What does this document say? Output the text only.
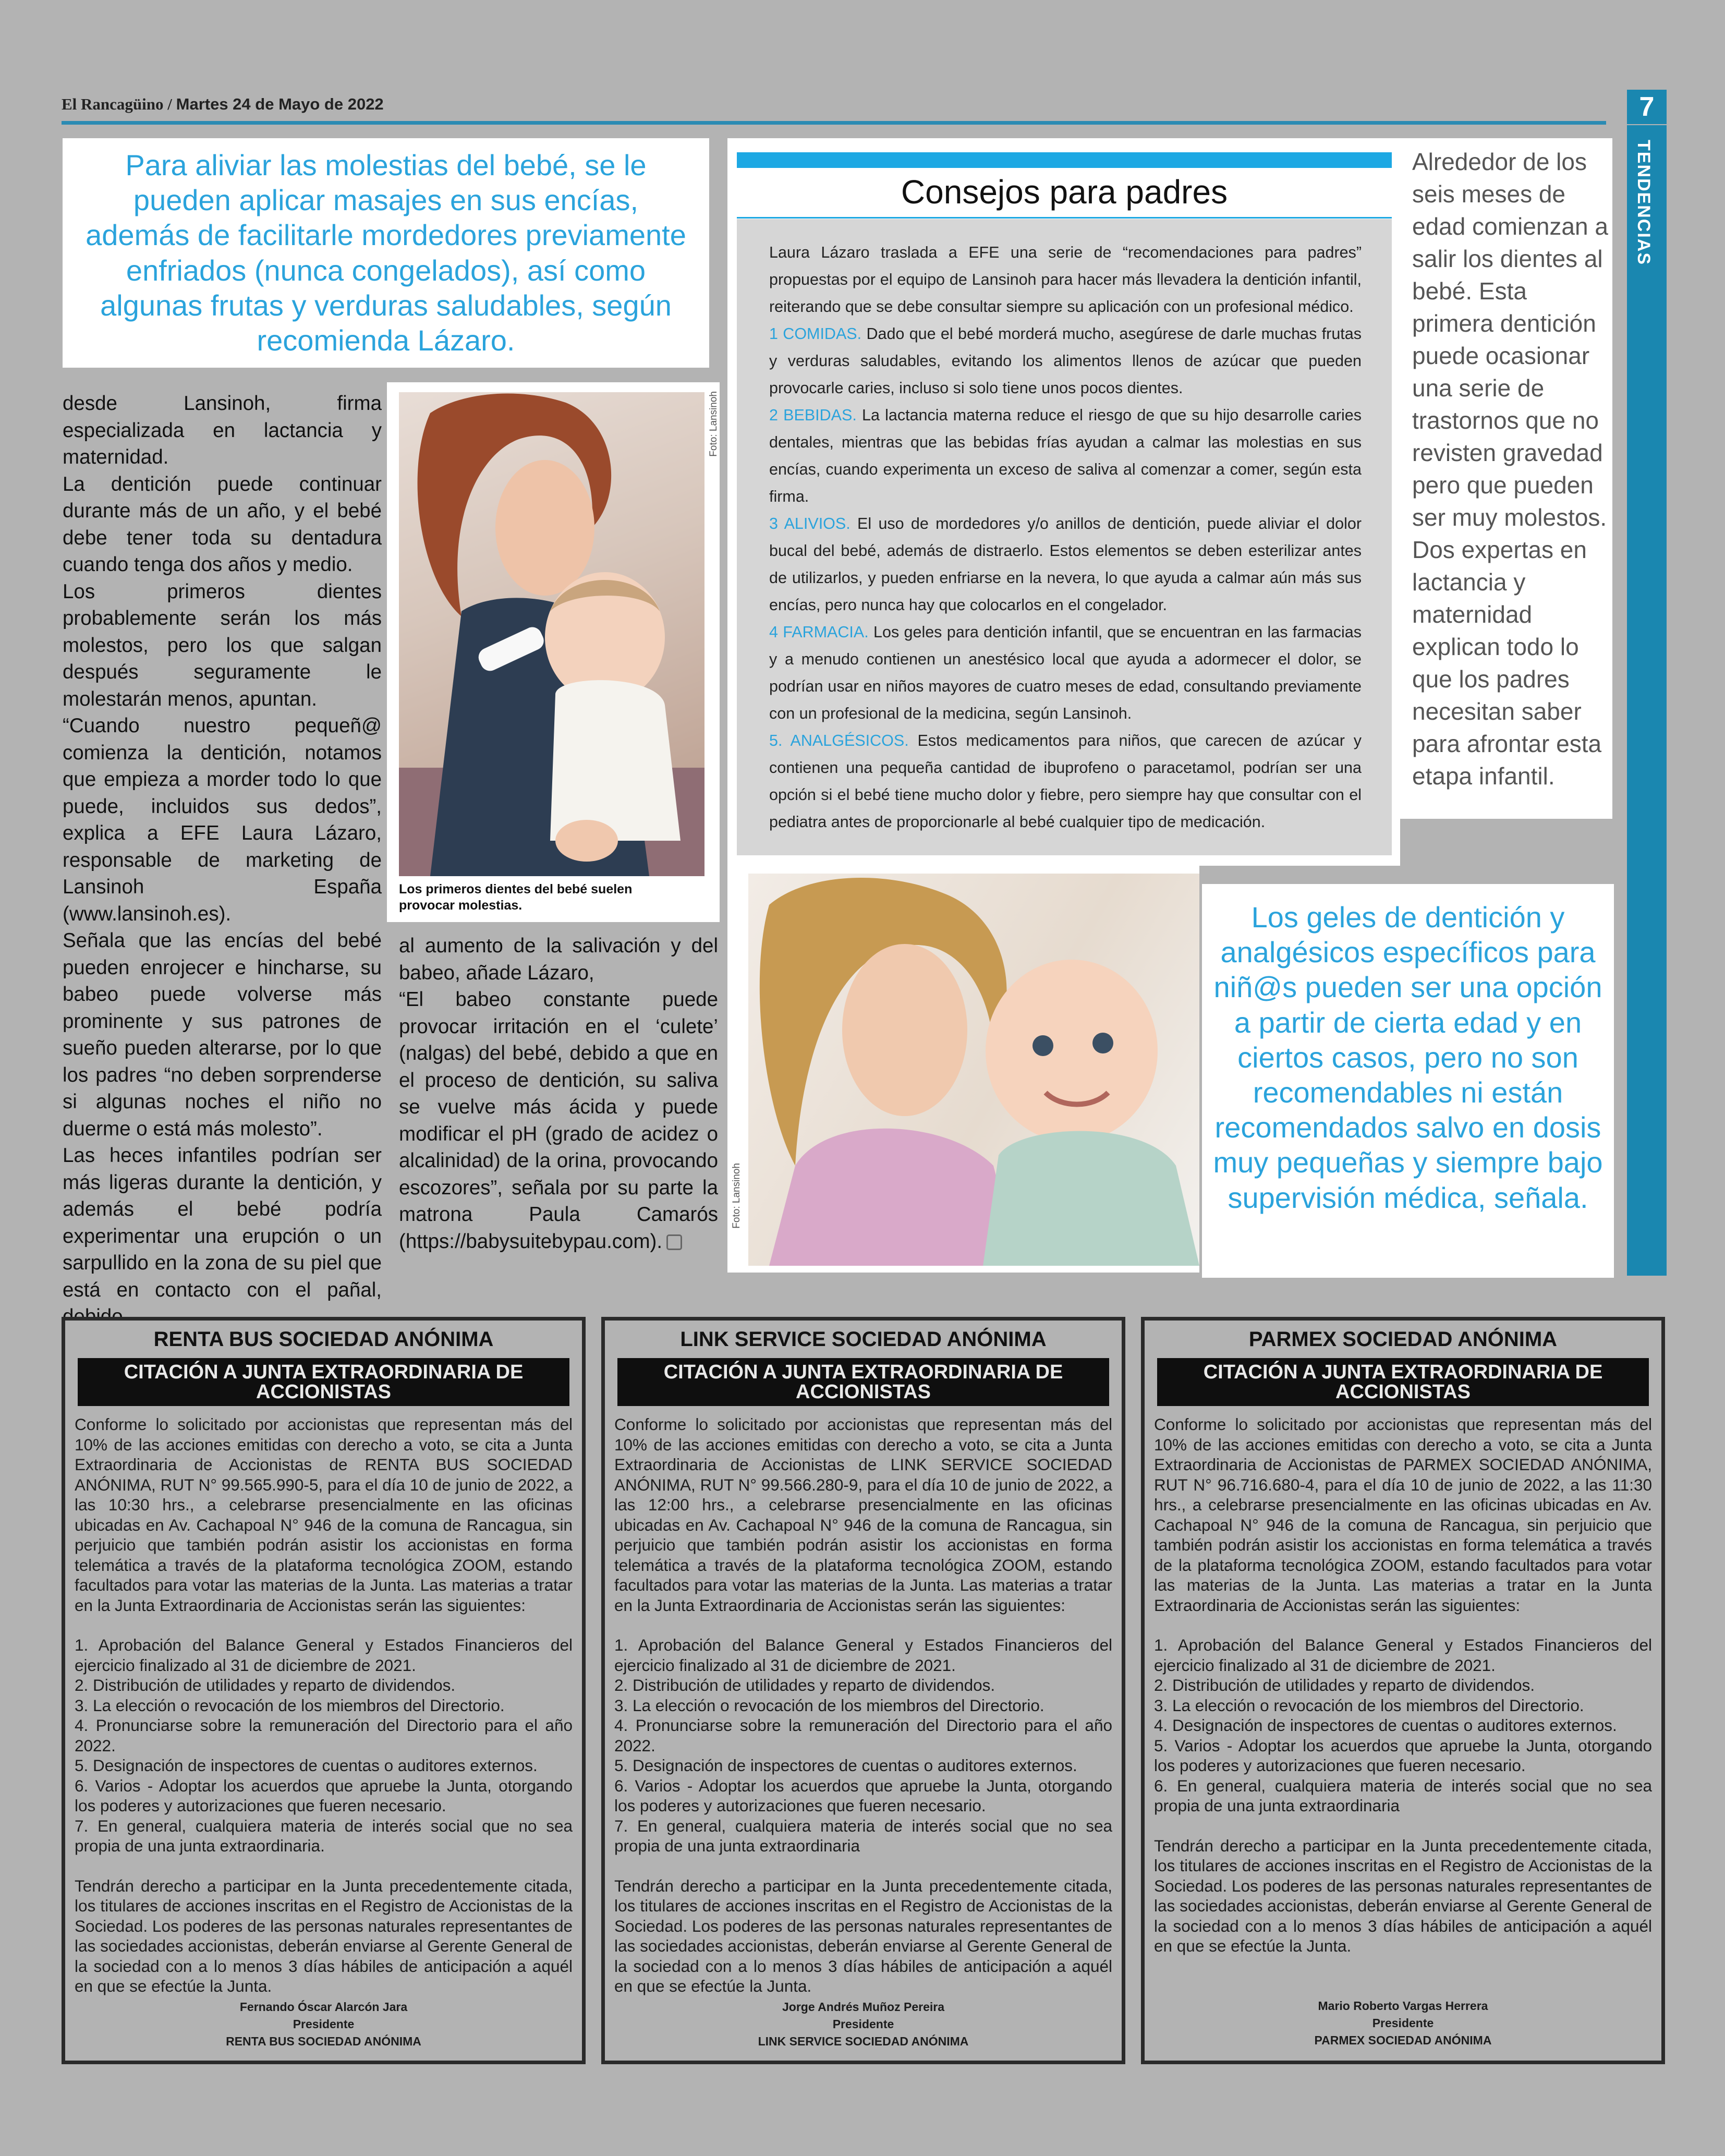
El Rancagüino / Martes 24 de Mayo de 2022	7
TENDENCIAS
Para aliviar las molestias del bebé, se le pueden aplicar masajes en sus encías, además de facilitarle mordedores previamente enfriados (nunca congelados), así como algunas frutas y verduras saludables, según recomienda Lázaro.
Consejos para padres

Laura Lázaro traslada a EFE una serie de “recomendaciones para padres” propuestas por el equipo de Lansinoh para hacer más llevadera la dentición infantil, reiterando que se debe consultar siempre su aplicación con un profesional médico.

1 COMIDAS. Dado que el bebé morderá mucho, asegúrese de darle muchas frutas y verduras saludables, evitando los alimentos llenos de azúcar que pueden provocarle caries, incluso si solo tiene unos pocos dientes.

2 BEBIDAS. La lactancia materna reduce el riesgo de que su hijo desarrolle caries dentales, mientras que las bebidas frías ayudan a calmar las molestias en sus encías, cuando experimenta un exceso de saliva al comenzar a comer, según esta firma.

3 ALIVIOS. El uso de mordedores y/o anillos de dentición, puede aliviar el dolor bucal del bebé, además de distraerlo. Estos elementos se deben esterilizar antes de utilizarlos, y pueden enfriarse en la nevera, lo que ayuda a calmar aún más sus encías, pero nunca hay que colocarlos en el congelador.

4 FARMACIA. Los geles para dentición infantil, que se encuentran en las farmacias y a menudo contienen un anestésico local que ayuda a adormecer el dolor, se podrían usar en niños mayores de cuatro meses de edad, consultando previamente con un profesional de la medicina, según Lansinoh.

5. ANALGÉSICOS. Estos medicamentos para niños, que carecen de azúcar y contienen una pequeña cantidad de ibuprofeno o paracetamol, podrían ser una opción si el bebé tiene mucho dolor y fiebre, pero siempre hay que consultar con el pediatra antes de proporcionarle al bebé cualquier tipo de medicación.

Alrededor de los seis meses de edad comienzan a salir los dientes al bebé. Esta primera dentición puede ocasionar una serie de trastornos que no revisten gravedad pero que pueden ser muy molestos. Dos expertas en lactancia y maternidad explican todo lo que los padres necesitan saber para afrontar esta etapa infantil.

desde Lansinoh, firma especializada en lactancia y maternidad.

La dentición puede continuar durante más de un año, y el bebé debe tener toda su dentadura cuando tenga dos años y medio.

Los primeros dientes probablemente serán los más molestos, pero los que salgan después seguramente le molestarán menos, apuntan.

“Cuando nuestro pequeñ@ comienza la dentición, notamos que empieza a morder todo lo que puede, incluidos sus dedos”, explica a EFE Laura Lázaro, responsable de marketing de Lansinoh España (www.lansinoh.es).

Señala que las encías del bebé pueden enrojecer e hincharse, su babeo puede volverse más prominente y sus patrones de sueño pueden alterarse, por lo que los padres “no deben sorprenderse si algunas noches el niño no duerme o está más molesto”.

Las heces infantiles podrían ser más ligeras durante la dentición, y además el bebé podría experimentar una erupción o un sarpullido en la zona de su piel que está en contacto con el pañal,

Foto: Lansinoh
Los primeros dientes del bebé suelen provocar molestias.

al aumento de la salivación y del babeo, añade Lázaro,

“El babeo constante puede provocar irritación en el ‘culete’ (nalgas) del bebé, debido a que en el proceso de dentición, su saliva se vuelve más ácida y puede modificar el pH (grado de acidez o alcalinidad) de la orina, provocando escozores”, señala por su parte la matrona Paula Camarós (https://babysuitebypau.com).

Foto: Lansinoh
Los geles de dentición y analgésicos específicos para niñ@s pueden ser una opción a partir de cierta edad y en ciertos casos, pero no son recomendables ni están recomendados salvo en dosis muy pequeñas y siempre bajo supervisión médica, señala.
RENTA BUS SOCIEDAD ANÓNIMA
CITACIÓN A JUNTA EXTRAORDINARIA DE ACCIONISTAS

Conforme lo solicitado por accionistas que representan más del 10% de las acciones emitidas con derecho a voto, se cita a Junta Extraordinaria de Accionistas de RENTA BUS SOCIEDAD ANÓNIMA, RUT N° 99.565.990-5, para el día 10 de junio de 2022, a las 10:30 hrs., a celebrarse presencialmente en las oficinas ubicadas en Av. Cachapoal N° 946 de la comuna de Rancagua, sin perjuicio que también podrán asistir los accionistas en forma telemática a través de la plataforma tecnológica ZOOM, estando facultados para votar las materias de la Junta. Las materias a tratar en la Junta Extraordinaria de Accionistas serán las siguientes:

1. Aprobación del Balance General y Estados Financieros del ejercicio finalizado al 31 de diciembre de 2021.

2. Distribución de utilidades y reparto de dividendos.

3. La elección o revocación de los miembros del Directorio.

4. Pronunciarse sobre la remuneración del Directorio para el año 2022.

5. Designación de inspectores de cuentas o auditores externos.

6. Varios - Adoptar los acuerdos que apruebe la Junta, otorgando los poderes y autorizaciones que fueren necesario.

7. En general, cualquiera materia de interés social que no sea propia de una junta extraordinaria.

Tendrán derecho a participar en la Junta precedentemente citada, los titulares de acciones inscritas en el Registro de Accionistas de la Sociedad. Los poderes de las personas naturales representantes de las sociedades accionistas, deberán enviarse al Gerente General de la sociedad con a lo menos 3 días hábiles de anticipación a aquél en que se efectúe la Junta.

Fernando Óscar Alarcón Jara
Presidente
RENTA BUS SOCIEDAD ANÓNIMA
LINK SERVICE SOCIEDAD ANÓNIMA
CITACIÓN A JUNTA EXTRAORDINARIA DE ACCIONISTAS

Conforme lo solicitado por accionistas que representan más del 10% de las acciones emitidas con derecho a voto, se cita a Junta Extraordinaria de Accionistas de LINK SERVICE SOCIEDAD ANÓNIMA, RUT N° 99.566.280-9, para el día 10 de junio de 2022, a las 12:00 hrs., a celebrarse presencialmente en las oficinas ubicadas en Av. Cachapoal N° 946 de la comuna de Rancagua, sin perjuicio que también podrán asistir los accionistas en forma telemática a través de la plataforma tecnológica ZOOM, estando facultados para votar las materias de la Junta. Las materias a tratar en la Junta Extraordinaria de Accionistas serán las siguientes:

1. Aprobación del Balance General y Estados Financieros del ejercicio finalizado al 31 de diciembre de 2021.

2. Distribución de utilidades y reparto de dividendos.

3. La elección o revocación de los miembros del Directorio.

4. Pronunciarse sobre la remuneración del Directorio para el año 2022.

5. Designación de inspectores de cuentas o auditores externos.

6. Varios - Adoptar los acuerdos que apruebe la Junta, otorgando los poderes y autorizaciones que fueren necesario.

7. En general, cualquiera materia de interés social que no sea propia de una junta extraordinaria

Tendrán derecho a participar en la Junta precedentemente citada, los titulares de acciones inscritas en el Registro de Accionistas de la Sociedad. Los poderes de las personas naturales representantes de las sociedades accionistas, deberán enviarse al Gerente General de la sociedad con a lo menos 3 días hábiles de anticipación a aquél en que se efectúe la Junta.

Jorge Andrés Muñoz Pereira
Presidente
LINK SERVICE SOCIEDAD ANÓNIMA
PARMEX SOCIEDAD ANÓNIMA
CITACIÓN A JUNTA EXTRAORDINARIA DE ACCIONISTAS

Conforme lo solicitado por accionistas que representan más del 10% de las acciones emitidas con derecho a voto, se cita a Junta Extraordinaria de Accionistas de PARMEX SOCIEDAD ANÓNIMA, RUT N° 96.716.680-4, para el día 10 de junio de 2022, a las 11:30 hrs., a celebrarse presencialmente en las oficinas ubicadas en Av. Cachapoal N° 946 de la comuna de Rancagua, sin perjuicio que también podrán asistir los accionistas en forma telemática a través de la plataforma tecnológica ZOOM, estando facultados para votar las materias de la Junta. Las materias a tratar en la Junta Extraordinaria de Accionistas serán las siguientes:

1. Aprobación del Balance General y Estados Financieros del ejercicio finalizado al 31 de diciembre de 2021.

2. Distribución de utilidades y reparto de dividendos.

3. La elección o revocación de los miembros del Directorio.

4. Designación de inspectores de cuentas o auditores externos.

5. Varios - Adoptar los acuerdos que apruebe la Junta, otorgando los poderes y autorizaciones que fueren necesario.

6. En general, cualquiera materia de interés social que no sea propia de una junta extraordinaria

Tendrán derecho a participar en la Junta precedentemente citada, los titulares de acciones inscritas en el Registro de Accionistas de la Sociedad. Los poderes de las personas naturales representantes de las sociedades accionistas, deberán enviarse al Gerente General de la sociedad con a lo menos 3 días hábiles de anticipación a aquél en que se efectúe la Junta.

Mario Roberto Vargas Herrera
Presidente
PARMEX SOCIEDAD ANÓNIMA
